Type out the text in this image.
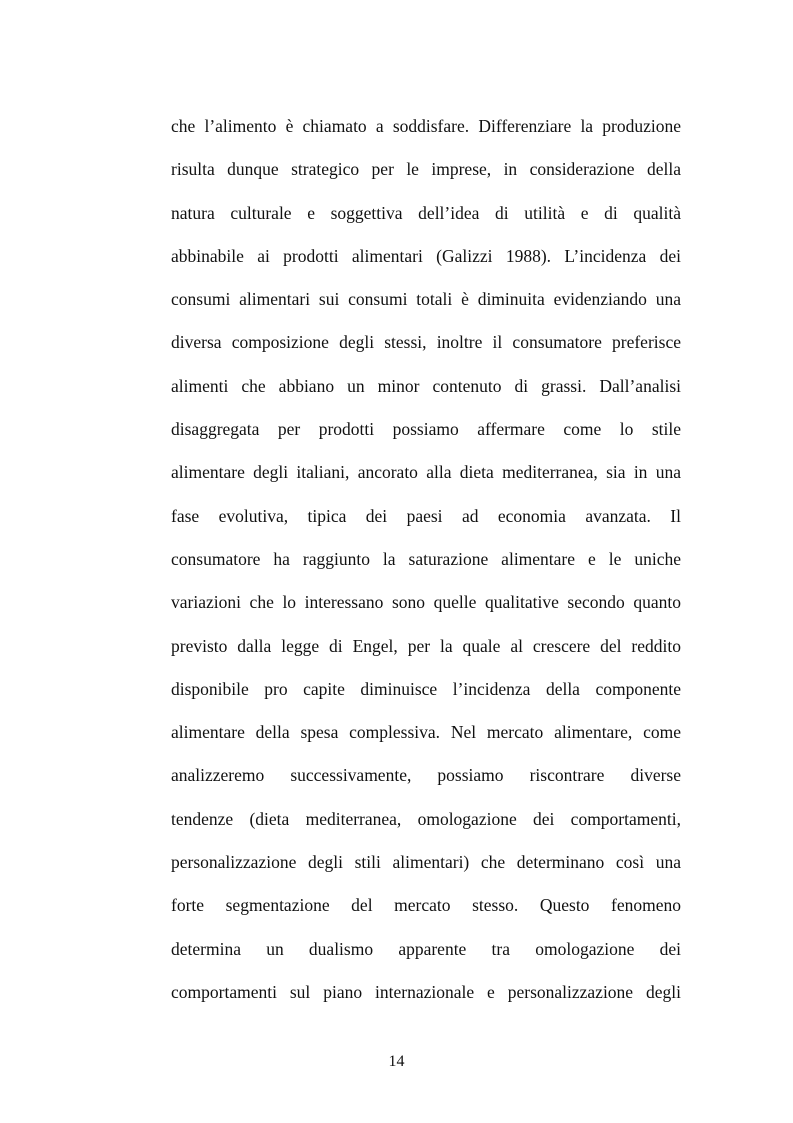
che l’alimento è chiamato a soddisfare. Differenziare la produzione
risulta dunque strategico per le imprese, in considerazione della
natura culturale e soggettiva dell’idea di utilità e di qualità
abbinabile ai prodotti alimentari (Galizzi 1988). L’incidenza dei
consumi alimentari sui consumi totali è diminuita evidenziando una
diversa composizione degli stessi, inoltre il consumatore preferisce
alimenti che abbiano un minor contenuto di grassi. Dall’analisi
disaggregata per prodotti possiamo affermare come lo stile
alimentare degli italiani, ancorato alla dieta mediterranea, sia in una
fase evolutiva, tipica dei paesi ad economia avanzata. Il
consumatore ha raggiunto la saturazione alimentare e le uniche
variazioni che lo interessano sono quelle qualitative secondo quanto
previsto dalla legge di Engel, per la quale al crescere del reddito
disponibile pro capite diminuisce l’incidenza della componente
alimentare della spesa complessiva. Nel mercato alimentare, come
analizzeremo successivamente, possiamo riscontrare diverse
tendenze (dieta mediterranea, omologazione dei comportamenti,
personalizzazione degli stili alimentari) che determinano così una
forte segmentazione del mercato stesso. Questo fenomeno
determina un dualismo apparente tra omologazione dei
comportamenti sul piano internazionale e personalizzazione degli
14
